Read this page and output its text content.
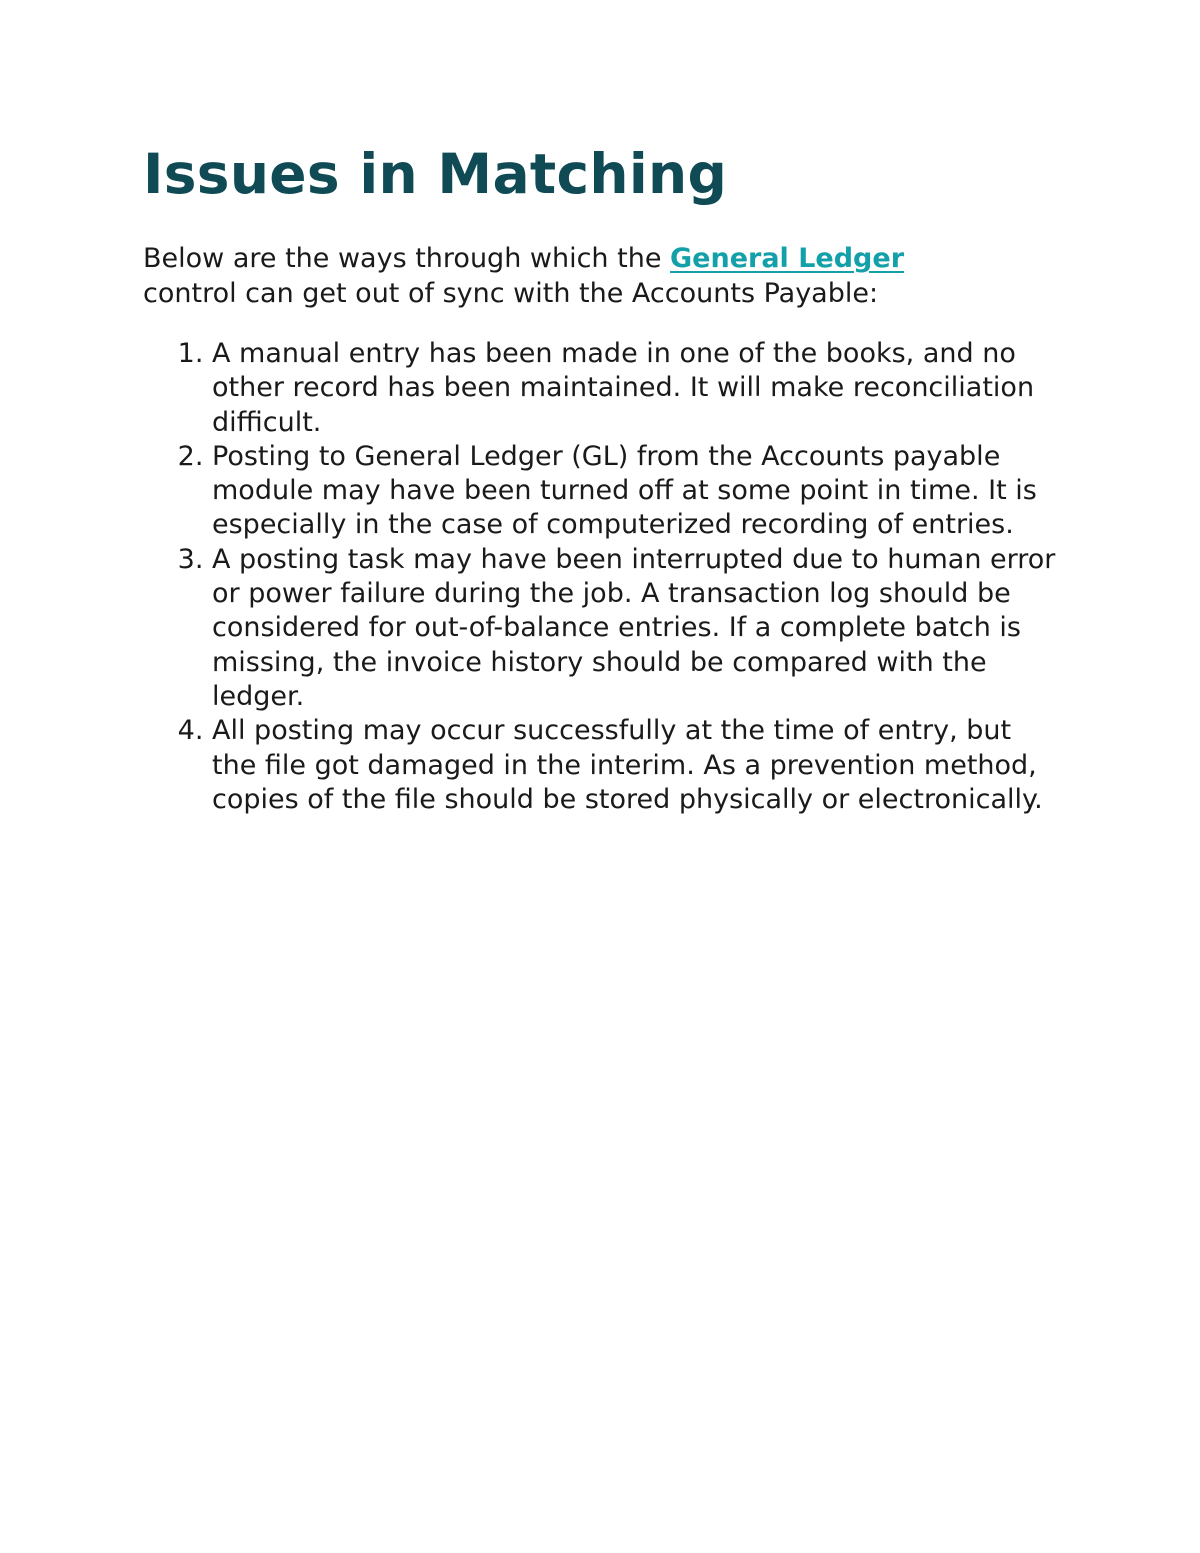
Issues in Matching

Below are the ways through which the General Ledger control can get out of sync with the Accounts Payable:

1. A manual entry has been made in one of the books, and no other record has been maintained. It will make reconciliation difficult.
2. Posting to General Ledger (GL) from the Accounts payable module may have been turned off at some point in time. It is especially in the case of computerized recording of entries.
3. A posting task may have been interrupted due to human error or power failure during the job. A transaction log should be considered for out-of-balance entries. If a complete batch is missing, the invoice history should be compared with the ledger.
4. All posting may occur successfully at the time of entry, but the file got damaged in the interim. As a prevention method, copies of the file should be stored physically or electronically.
